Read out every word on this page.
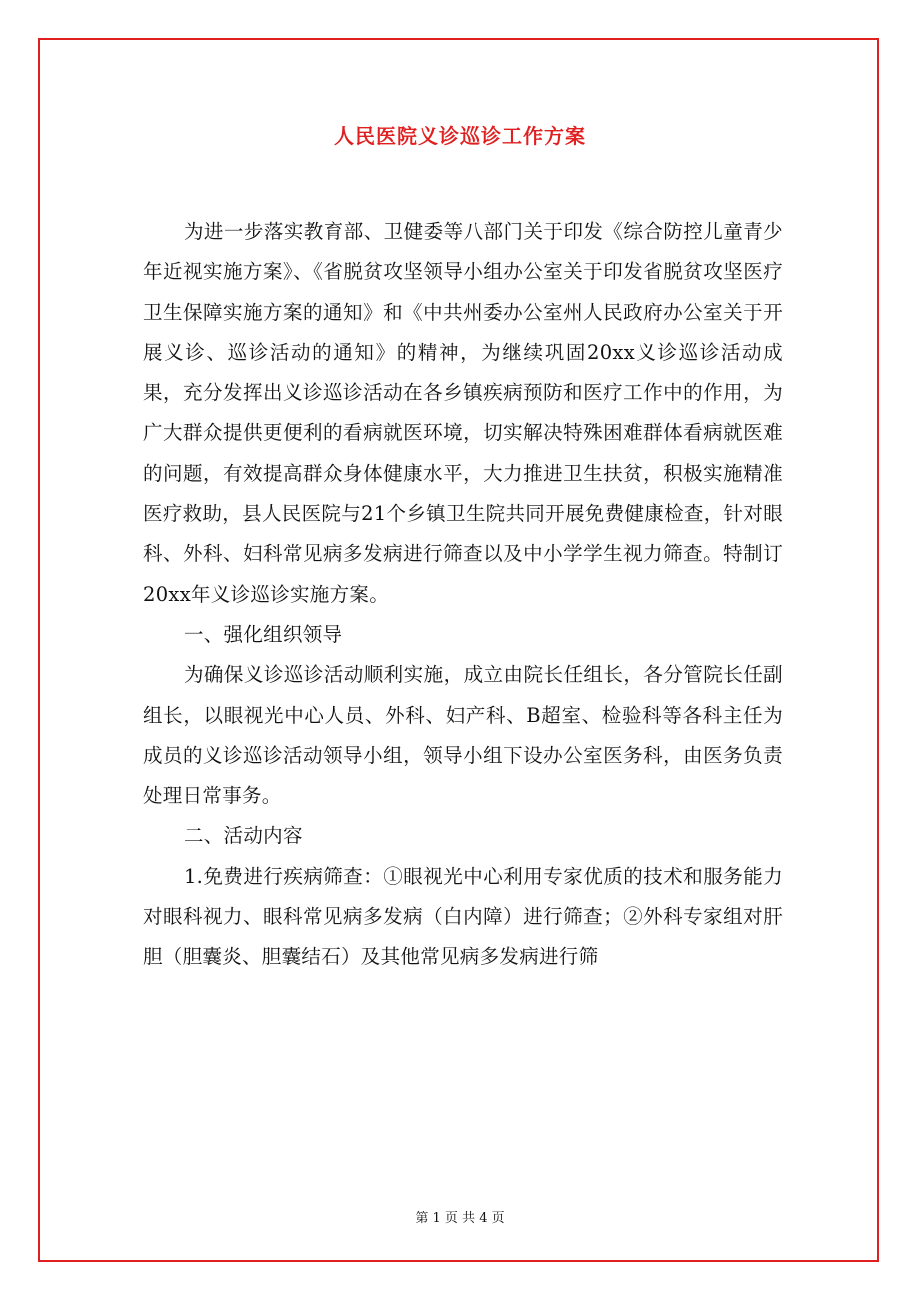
人民医院义诊巡诊工作方案

为进一步落实教育部、卫健委等八部门关于印发《综合防控儿童青少年近视实施方案》、《省脱贫攻坚领导小组办公室关于印发省脱贫攻坚医疗卫生保障实施方案的通知》和《中共州委办公室州人民政府办公室关于开展义诊、巡诊活动的通知》的精神，为继续巩固20xx义诊巡诊活动成果，充分发挥出义诊巡诊活动在各乡镇疾病预防和医疗工作中的作用，为广大群众提供更便利的看病就医环境，切实解决特殊困难群体看病就医难的问题，有效提高群众身体健康水平，大力推进卫生扶贫，积极实施精准医疗救助，县人民医院与21个乡镇卫生院共同开展免费健康检查，针对眼科、外科、妇科常见病多发病进行筛查以及中小学学生视力筛查。特制订20xx年义诊巡诊实施方案。

一、强化组织领导

为确保义诊巡诊活动顺利实施，成立由院长任组长，各分管院长任副组长，以眼视光中心人员、外科、妇产科、B超室、检验科等各科主任为成员的义诊巡诊活动领导小组，领导小组下设办公室医务科，由医务负责处理日常事务。

二、活动内容

1.免费进行疾病筛查：①眼视光中心利用专家优质的技术和服务能力对眼科视力、眼科常见病多发病（白内障）进行筛查；②外科专家组对肝胆（胆囊炎、胆囊结石）及其他常见病多发病进行筛

第 1 页 共 4 页
